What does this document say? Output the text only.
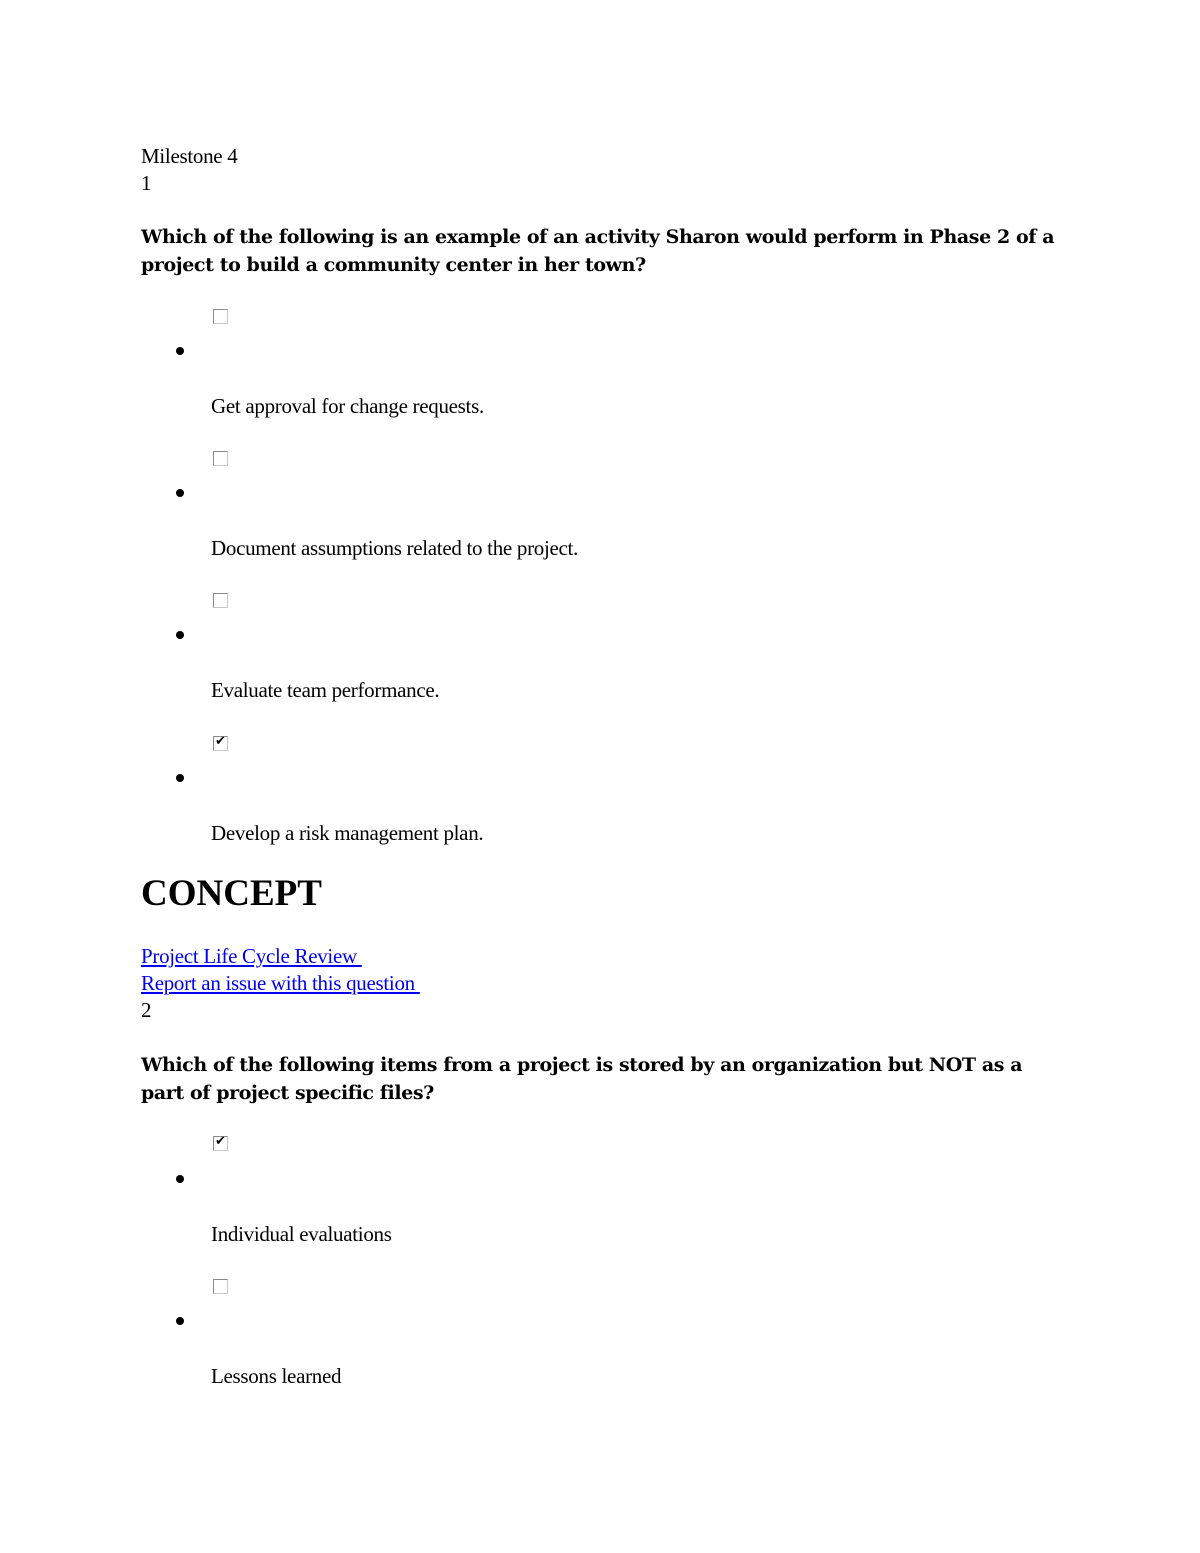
Milestone 4
1
Which of the following is an example of an activity Sharon would perform in Phase 2 of a project to build a community center in her town?
Get approval for change requests.
Document assumptions related to the project.
Evaluate team performance.
✔
Develop a risk management plan.
CONCEPT
Project Life Cycle Review
Report an issue with this question
2
Which of the following items from a project is stored by an organization but NOT as a part of project specific files?
✔
Individual evaluations
Lessons learned
